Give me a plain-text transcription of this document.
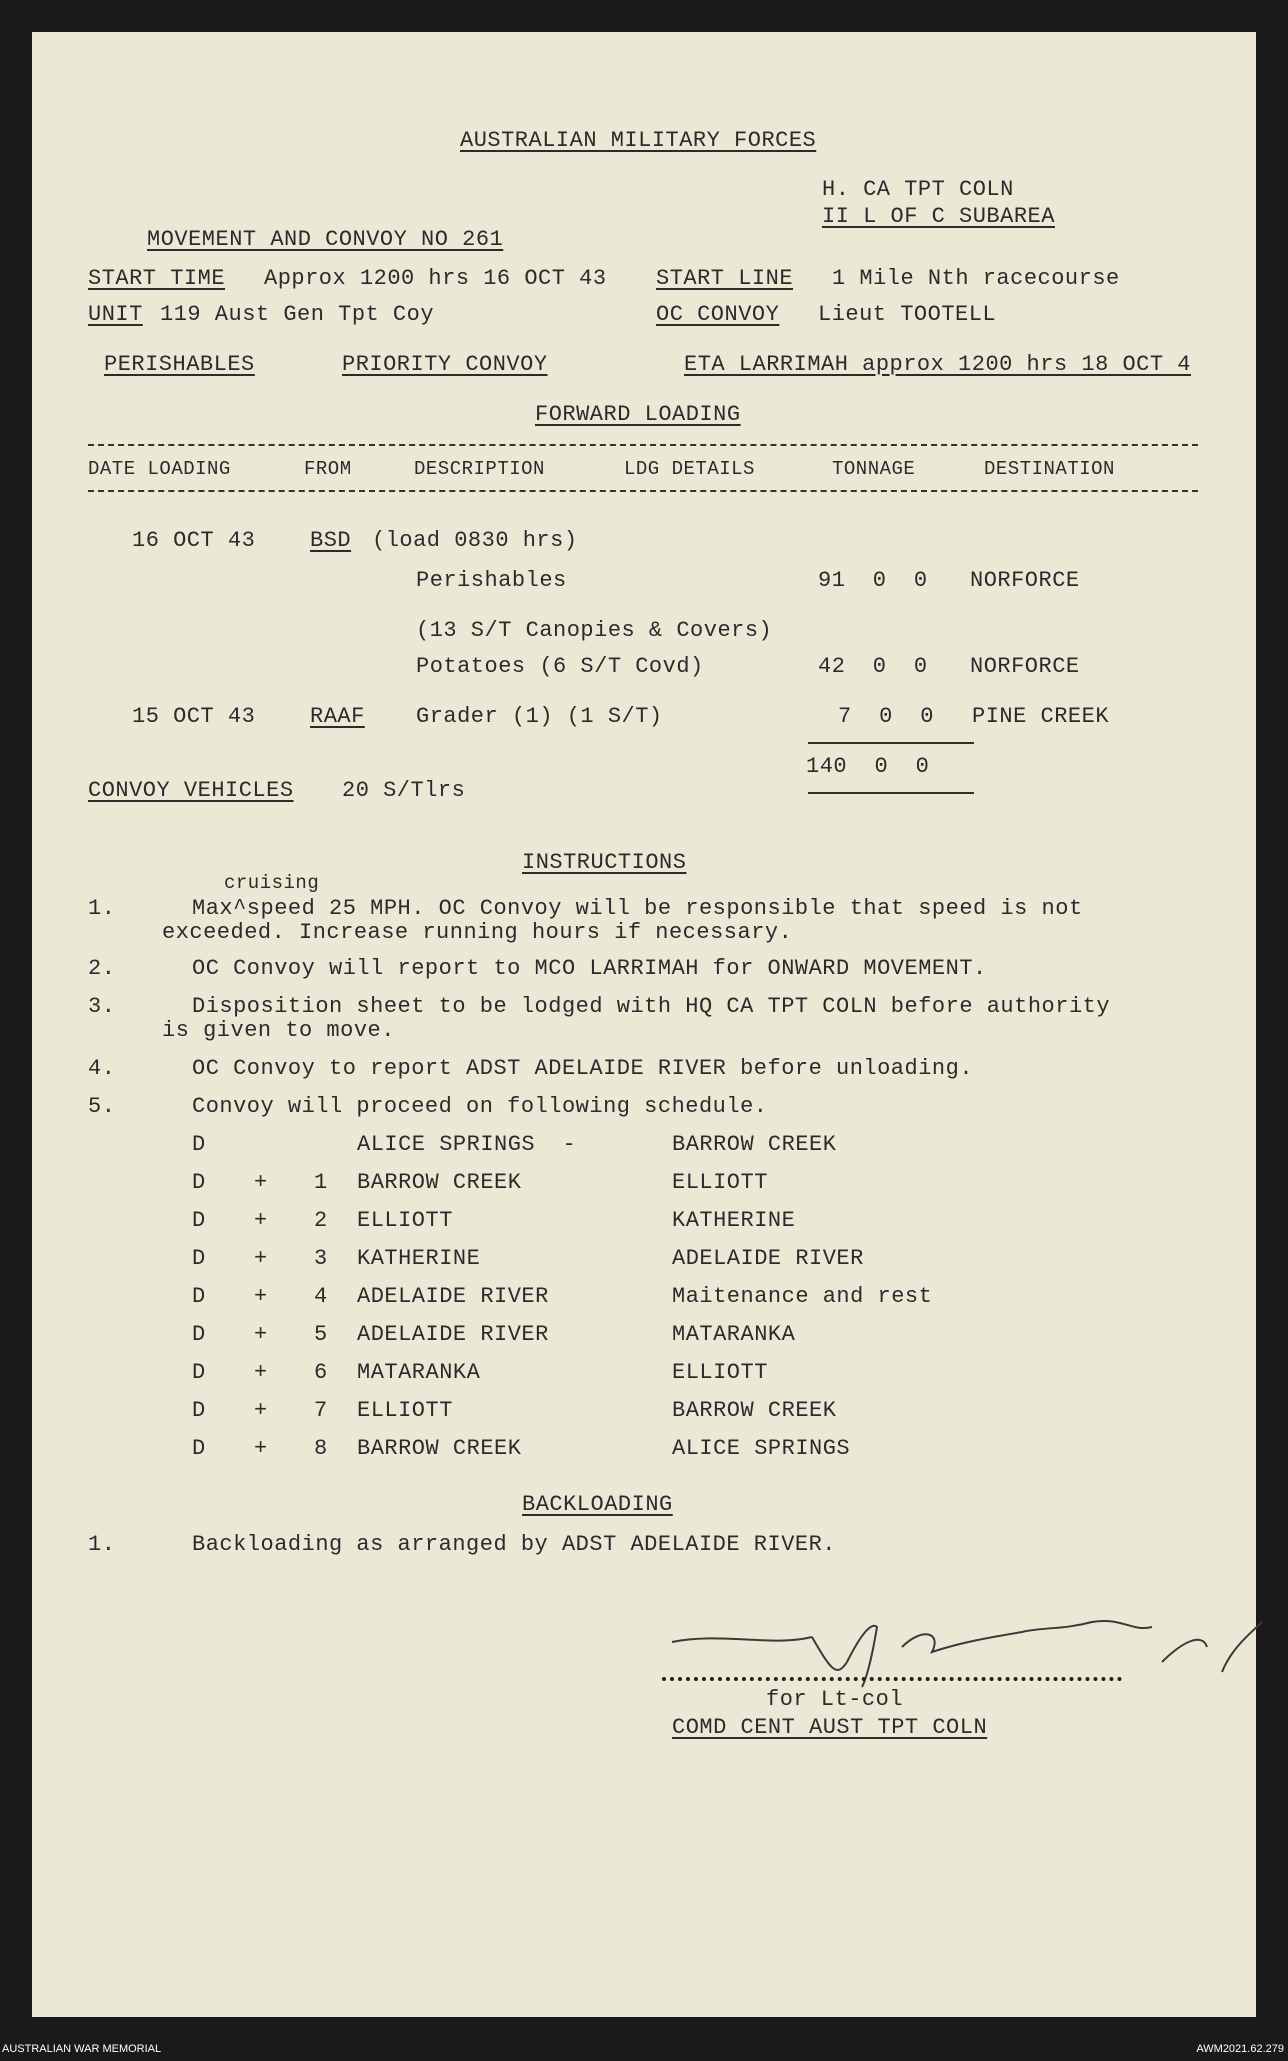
AUSTRALIAN MILITARY FORCES
H. CA TPT COLN
II L OF C SUBAREA
MOVEMENT AND CONVOY NO 261
START TIME Approx 1200 hrs 16 OCT 43 START LINE 1 Mile Nth racecourse
UNIT 119 Aust Gen Tpt Coy	OC CONVOY Lieut TOOTELL
PERISHABLES	PRIORITY CONVOY	ETA LARRIMAH approx 1200 hrs 18 OCT 4
FORWARD LOADING
DATE LOADING	FROM	DESCRIPTION	LDG DETAILS	TONNAGE	DESTINATION
16 OCT 43 BSD (load 0830 hrs)
Perishables	91  0  0 NORFORCE
(13 S/T Canopies & Covers)
Potatoes (6 S/T Covd)	42  0  0 NORFORCE
15 OCT 43 RAAF Grader (1) (1 S/T)	7  0  0 PINE CREEK
140  0  0
CONVOY VEHICLES 20 S/Tlrs
INSTRUCTIONS
cruising
1.	Max^speed 25 MPH. OC Convoy will be responsible that speed is not
exceeded. Increase running hours if necessary.
2.	OC Convoy will report to MCO LARRIMAH for ONWARD MOVEMENT.
3.	Disposition sheet to be lodged with HQ CA TPT COLN before authority
is given to move.
4.	OC Convoy to report ADST ADELAIDE RIVER before unloading.
5.	Convoy will proceed on following schedule.
D	ALICE SPRINGS  -	BARROW CREEK
D + 1 BARROW CREEK	ELLIOTT
D + 2 ELLIOTT	KATHERINE
D + 3 KATHERINE	ADELAIDE RIVER
D + 4 ADELAIDE RIVER	Maitenance and rest
D + 5 ADELAIDE RIVER	MATARANKA
D + 6 MATARANKA	ELLIOTT
D + 7 ELLIOTT	BARROW CREEK
D + 8 BARROW CREEK	ALICE SPRINGS
BACKLOADING
1.	Backloading as arranged by ADST ADELAIDE RIVER.
for Lt-col
COMD CENT AUST TPT COLN
AUSTRALIAN WAR MEMORIAL	AWM2021.62.279
